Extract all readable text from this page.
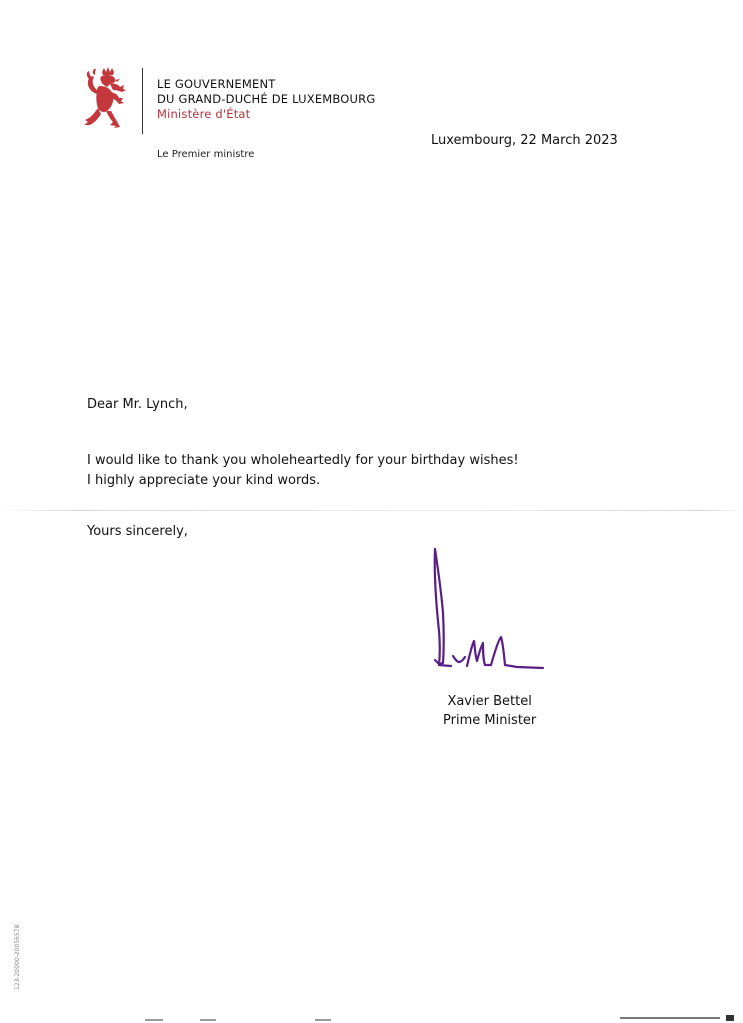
LE GOUVERNEMENT
DU GRAND-DUCHÉ DE LUXEMBOURG
Ministère d'État
Le Premier ministre
Luxembourg, 22 March 2023
Dear Mr. Lynch,
I would like to thank you wholeheartedly for your birthday wishes!
I highly appreciate your kind words.
Yours sincerely,
Xavier Bettel
Prime Minister
123-20000-20056578
